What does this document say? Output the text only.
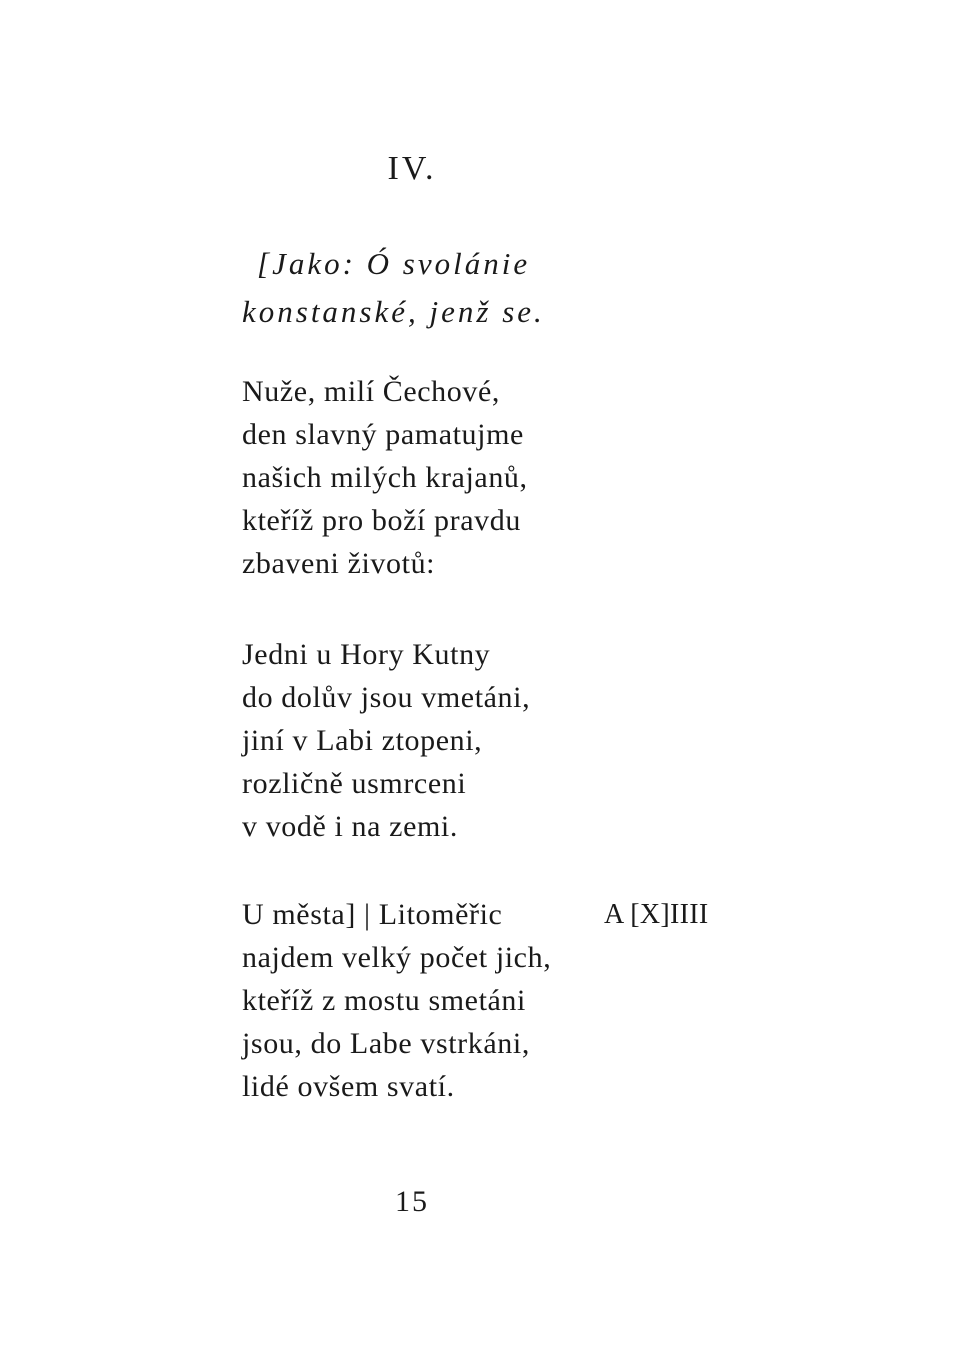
IV.
[Jako: Ó svolánie
konstanské, jenž se.
Nuže, milí Čechové,
den slavný pamatujme
našich milých krajanů,
kteříž pro boží pravdu
zbaveni životů:
Jedni u Hory Kutny
do dolův jsou vmetáni,
jiní v Labi ztopeni,
rozličně usmrceni
v vodě i na zemi.
U města] | Litoměřic
najdem velký počet jich,
kteříž z mostu smetáni
jsou, do Labe vstrkáni,
lidé ovšem svatí.
A [X]IIII
15
